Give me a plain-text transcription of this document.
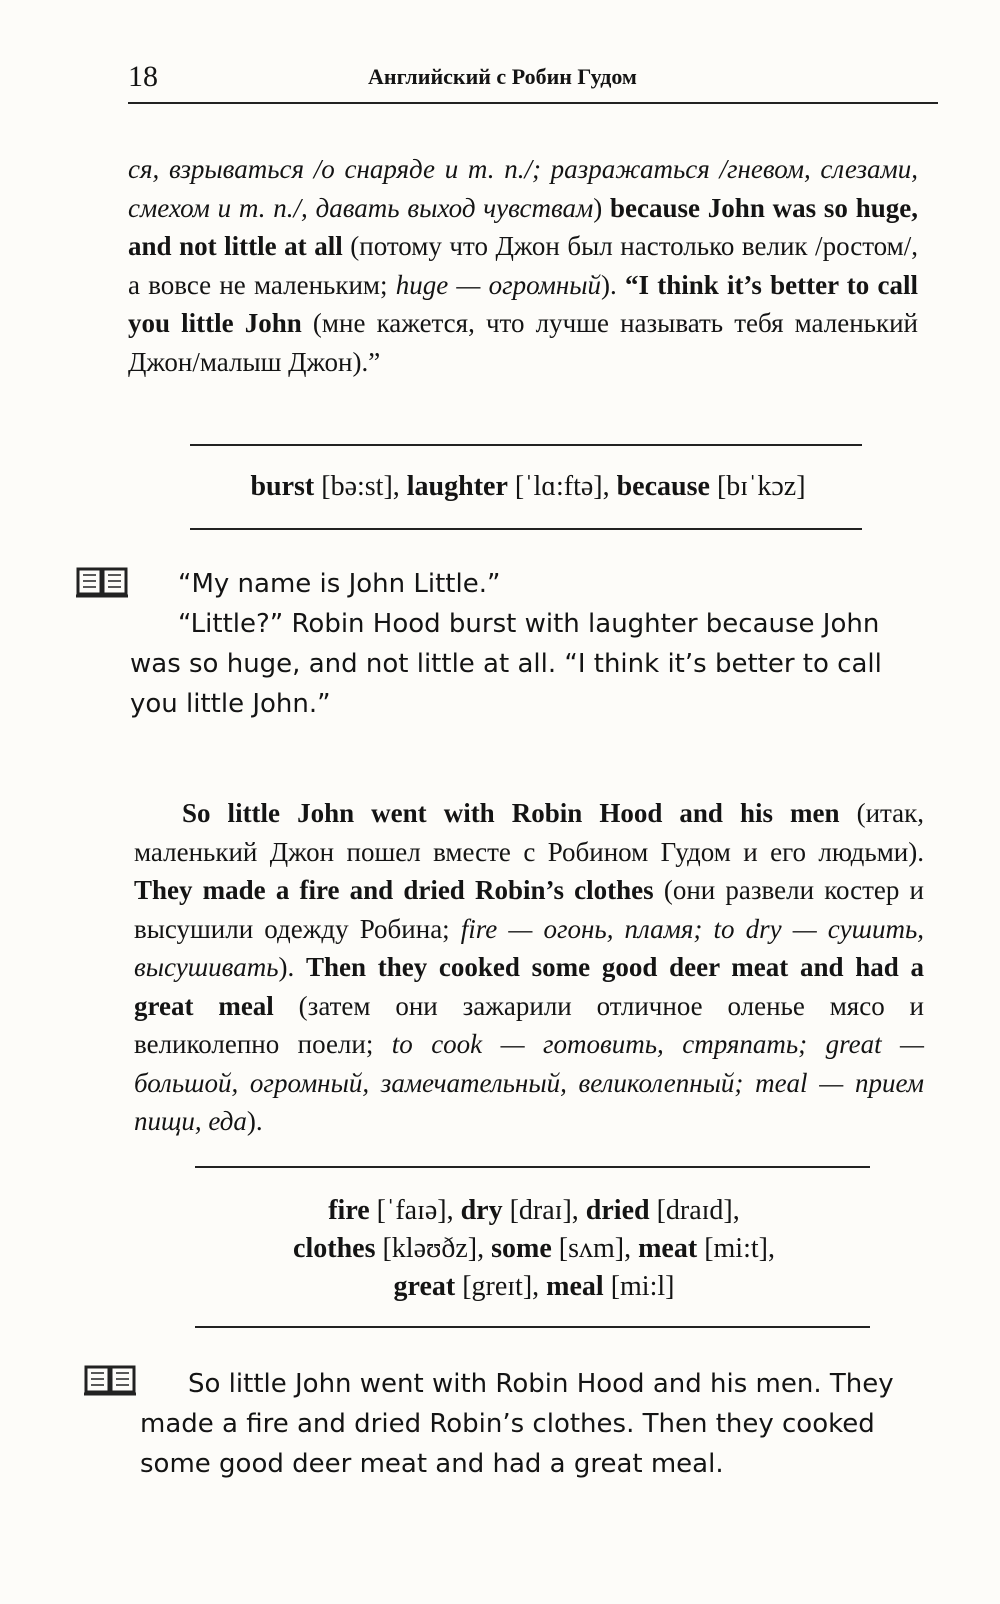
18	Английский с Робин Гудом

ся, взрываться /о снаряде и т. п./; разражаться /гневом, слезами, смехом и т. п./, давать выход чувствам) because John was so huge, and not little at all (потому что Джон был настолько велик /ростом/, а вовсе не маленьким; huge — огромный). “I think it’s better to call you little John (мне кажется, что лучше называть тебя маленький Джон/малыш Джон).”

burst [bə:st], laughter [ˈlɑ:ftə], because [bɪˈkɔz]

“My name is John Little.”
“Little?” Robin Hood burst with laughter because John was so huge, and not little at all. “I think it’s better to call you little John.”

So little John went with Robin Hood and his men (итак, маленький Джон пошел вместе с Робином Гудом и его людьми). They made a fire and dried Robin’s clothes (они развели костер и высушили одежду Робина; fire — огонь, пламя; to dry — сушить, высушивать). Then they cooked some good deer meat and had a great meal (затем они зажарили отличное оленье мясо и великолепно поели; to cook — готовить, стряпать; great — большой, огромный, замечательный, великолепный; meal — прием пищи, еда).

fire [ˈfaɪə], dry [draɪ], dried [draɪd],
clothes [kləʊðz], some [sʌm], meat [mi:t],
great [greɪt], meal [mi:l]

So little John went with Robin Hood and his men. They made a fire and dried Robin’s clothes. Then they cooked some good deer meat and had a great meal.
